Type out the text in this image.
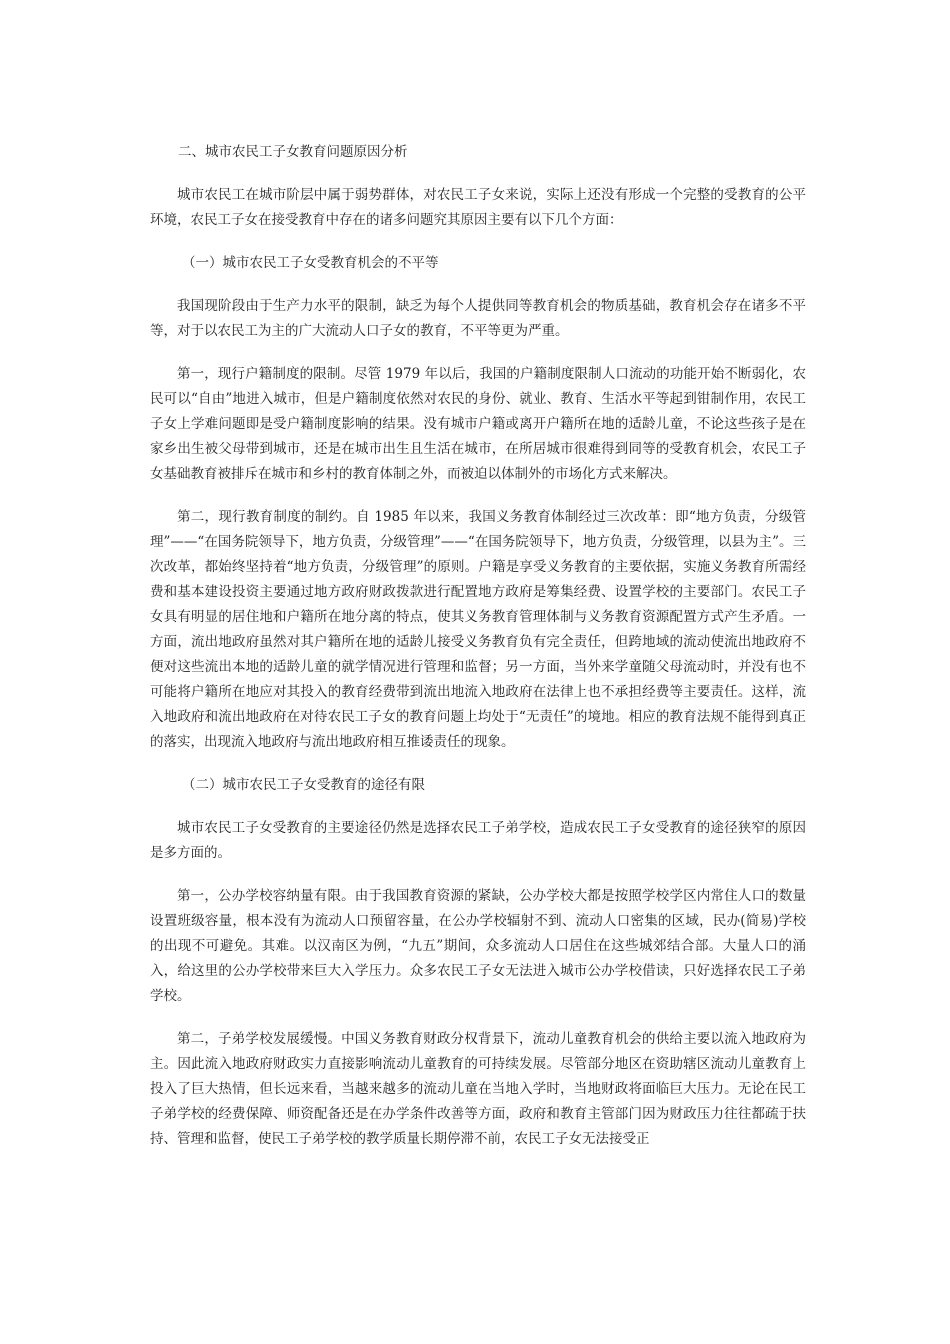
二、城市农民工子女教育问题原因分析

城市农民工在城市阶层中属于弱势群体，对农民工子女来说，实际上还没有形成一个完整的受教育的公平环境，农民工子女在接受教育中存在的诸多问题究其原因主要有以下几个方面：

（一）城市农民工子女受教育机会的不平等

我国现阶段由于生产力水平的限制，缺乏为每个人提供同等教育机会的物质基础，教育机会存在诸多不平等，对于以农民工为主的广大流动人口子女的教育，不平等更为严重。

第一，现行户籍制度的限制。尽管 1979 年以后，我国的户籍制度限制人口流动的功能开始不断弱化，农民可以“自由”地进入城市，但是户籍制度依然对农民的身份、就业、教育、生活水平等起到钳制作用，农民工子女上学难问题即是受户籍制度影响的结果。没有城市户籍或离开户籍所在地的适龄儿童，不论这些孩子是在家乡出生被父母带到城市，还是在城市出生且生活在城市，在所居城市很难得到同等的受教育机会，农民工子女基础教育被排斥在城市和乡村的教育体制之外，而被迫以体制外的市场化方式来解决。

第二，现行教育制度的制约。自 1985 年以来，我国义务教育体制经过三次改革：即“地方负责，分级管理”——“在国务院领导下，地方负责，分级管理”——“在国务院领导下，地方负责，分级管理，以县为主”。三次改革，都始终坚持着“地方负责，分级管理”的原则。户籍是享受义务教育的主要依据，实施义务教育所需经费和基本建设投资主要通过地方政府财政拨款进行配置地方政府是筹集经费、设置学校的主要部门。农民工子女具有明显的居住地和户籍所在地分离的特点，使其义务教育管理体制与义务教育资源配置方式产生矛盾。一方面，流出地政府虽然对其户籍所在地的适龄儿接受义务教育负有完全责任，但跨地域的流动使流出地政府不便对这些流出本地的适龄儿童的就学情况进行管理和监督；另一方面，当外来学童随父母流动时，并没有也不可能将户籍所在地应对其投入的教育经费带到流出地流入地政府在法律上也不承担经费等主要责任。这样，流入地政府和流出地政府在对待农民工子女的教育问题上均处于“无责任”的境地。相应的教育法规不能得到真正的落实，出现流入地政府与流出地政府相互推诿责任的现象。

（二）城市农民工子女受教育的途径有限

城市农民工子女受教育的主要途径仍然是选择农民工子弟学校，造成农民工子女受教育的途径狭窄的原因是多方面的。

第一，公办学校容纳量有限。由于我国教育资源的紧缺，公办学校大都是按照学校学区内常住人口的数量设置班级容量，根本没有为流动人口预留容量，在公办学校辐射不到、流动人口密集的区域，民办(简易)学校的出现不可避免。其难。以汉南区为例，“九五”期间，众多流动人口居住在这些城郊结合部。大量人口的涌入，给这里的公办学校带来巨大入学压力。众多农民工子女无法进入城市公办学校借读，只好选择农民工子弟学校。

第二，子弟学校发展缓慢。中国义务教育财政分权背景下，流动儿童教育机会的供给主要以流入地政府为主。因此流入地政府财政实力直接影响流动儿童教育的可持续发展。尽管部分地区在资助辖区流动儿童教育上投入了巨大热情，但长远来看，当越来越多的流动儿童在当地入学时，当地财政将面临巨大压力。无论在民工子弟学校的经费保障、师资配备还是在办学条件改善等方面，政府和教育主管部门因为财政压力往往都疏于扶持、管理和监督，使民工子弟学校的教学质量长期停滞不前，农民工子女无法接受正
